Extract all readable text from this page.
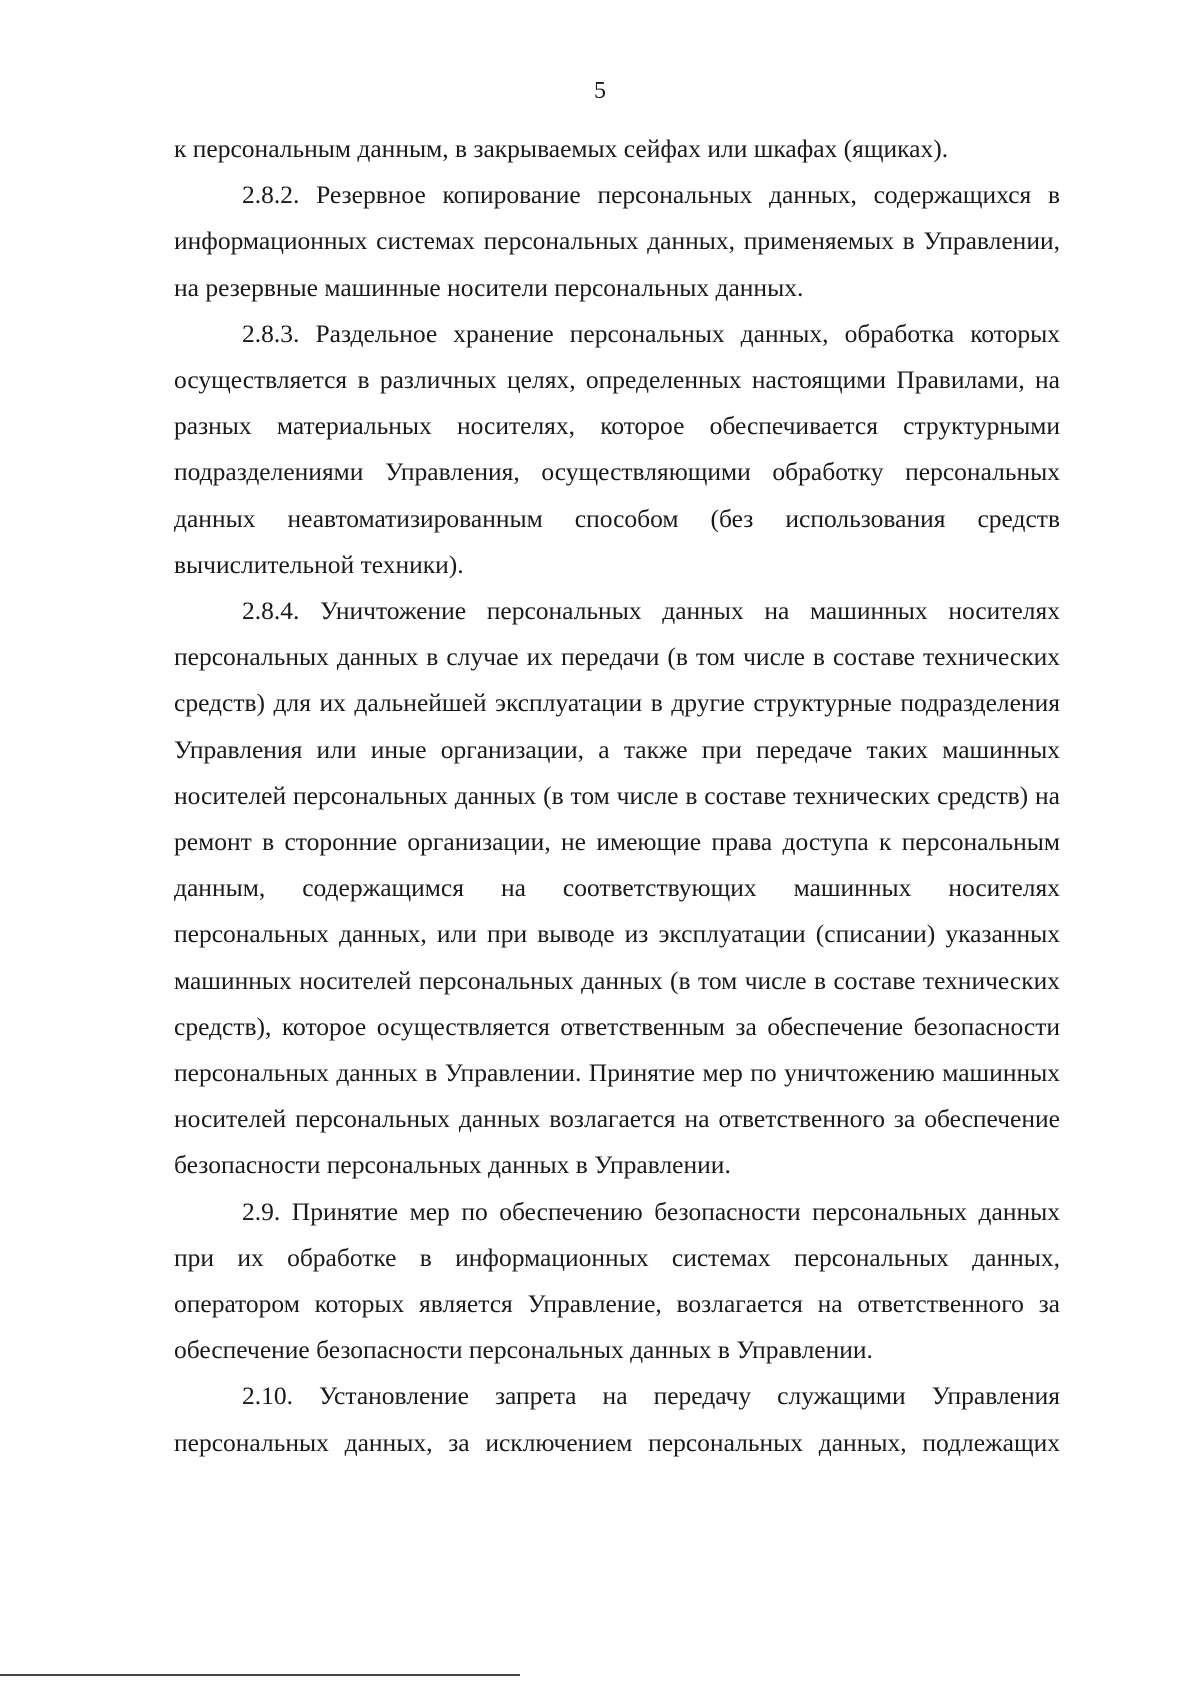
5

к персональным данным, в закрываемых сейфах или шкафах (ящиках).

2.8.2. Резервное копирование персональных данных, содержащихся в информационных системах персональных данных, применяемых в Управлении, на резервные машинные носители персональных данных.

2.8.3. Раздельное хранение персональных данных, обработка которых осуществляется в различных целях, определенных настоящими Правилами, на разных материальных носителях, которое обеспечивается структурными подразделениями Управления, осуществляющими обработку персональных данных неавтоматизированным способом (без использования средств вычислительной техники).

2.8.4. Уничтожение персональных данных на машинных носителях персональных данных в случае их передачи (в том числе в составе технических средств) для их дальнейшей эксплуатации в другие структурные подразделения Управления или иные организации, а также при передаче таких машинных носителей персональных данных (в том числе в составе технических средств) на ремонт в сторонние организации, не имеющие права доступа к персональным данным, содержащимся на соответствующих машинных носителях персональных данных, или при выводе из эксплуатации (списании) указанных машинных носителей персональных данных (в том числе в составе технических средств), которое осуществляется ответственным за обеспечение безопасности персональных данных в Управлении. Принятие мер по уничтожению машинных носителей персональных данных возлагается на ответственного за обеспечение безопасности персональных данных в Управлении.

2.9. Принятие мер по обеспечению безопасности персональных данных при их обработке в информационных системах персональных данных, оператором которых является Управление, возлагается на ответственного за обеспечение безопасности персональных данных в Управлении.

2.10. Установление запрета на передачу служащими Управления персональных данных, за исключением персональных данных, подлежащих
